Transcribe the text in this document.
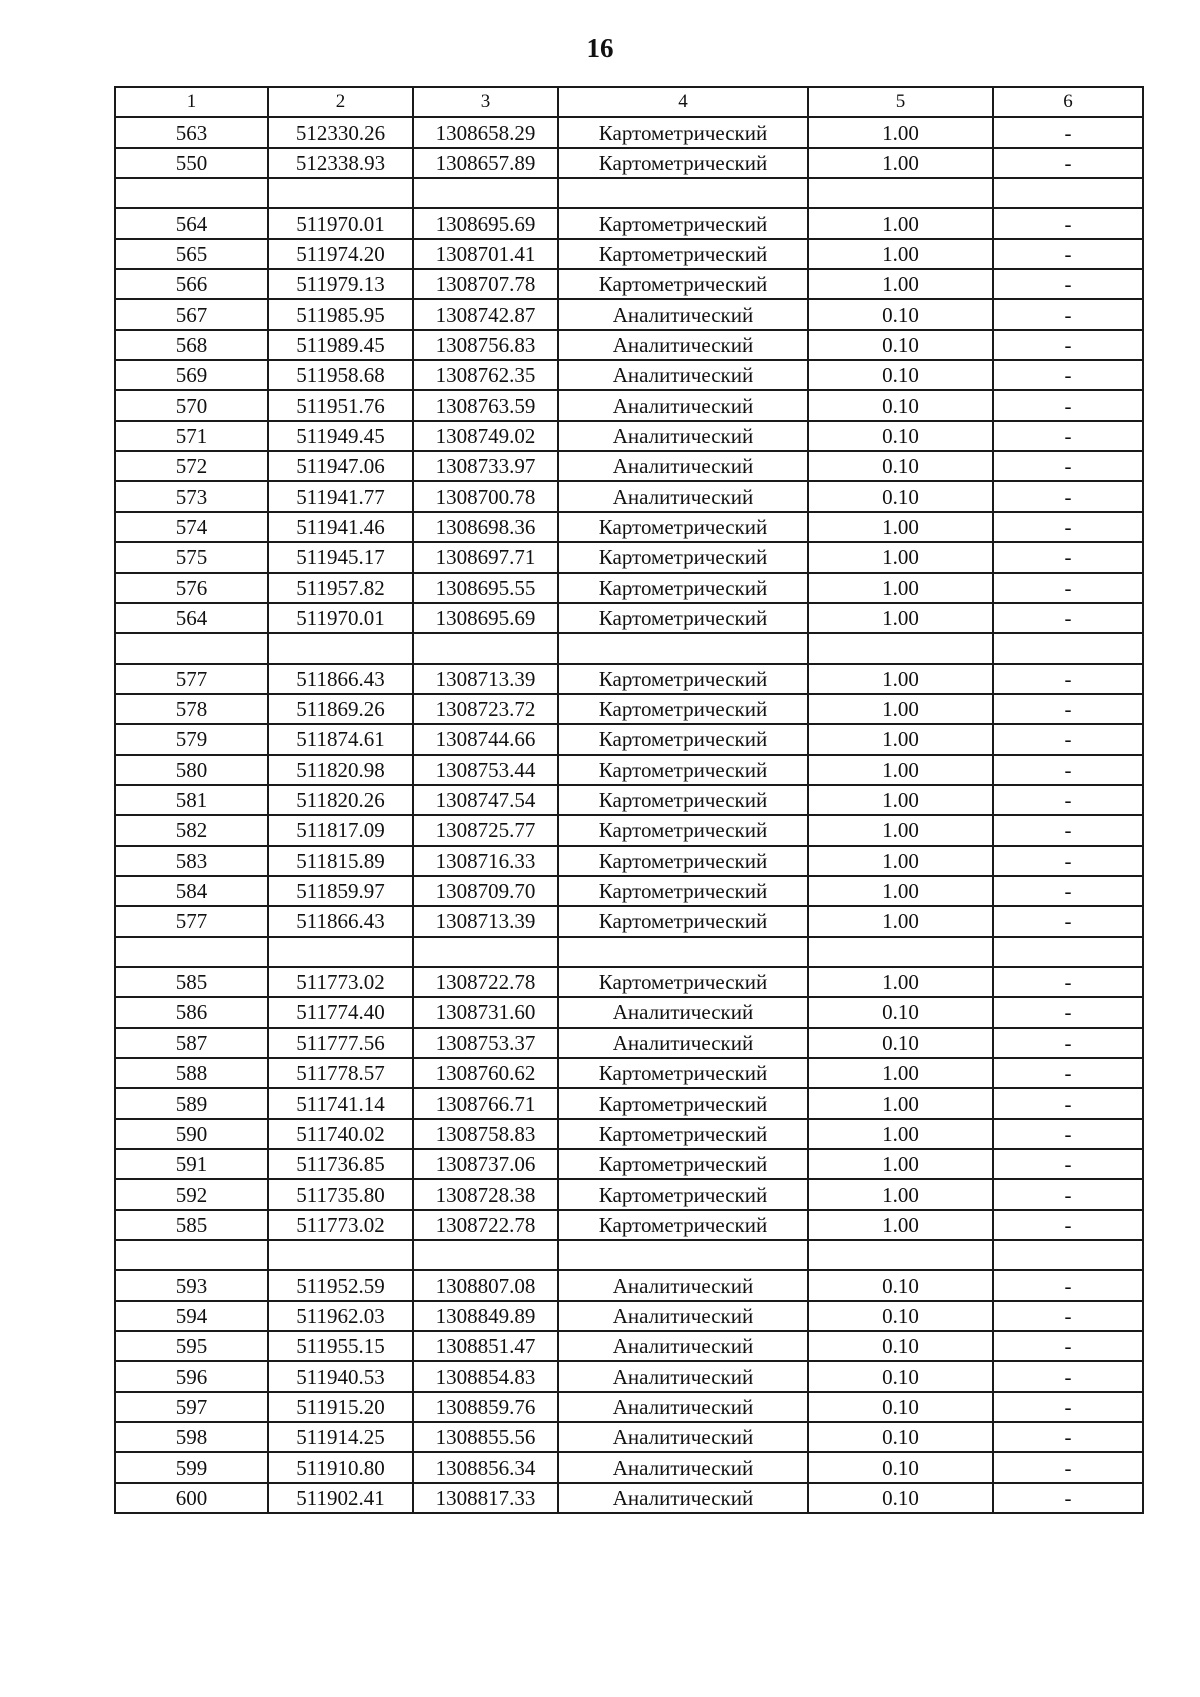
16
1	2	3	4	5	6
563	512330.26	1308658.29	Картометрический	1.00	-
550	512338.93	1308657.89	Картометрический	1.00	-

564	511970.01	1308695.69	Картометрический	1.00	-
565	511974.20	1308701.41	Картометрический	1.00	-
566	511979.13	1308707.78	Картометрический	1.00	-
567	511985.95	1308742.87	Аналитический	0.10	-
568	511989.45	1308756.83	Аналитический	0.10	-
569	511958.68	1308762.35	Аналитический	0.10	-
570	511951.76	1308763.59	Аналитический	0.10	-
571	511949.45	1308749.02	Аналитический	0.10	-
572	511947.06	1308733.97	Аналитический	0.10	-
573	511941.77	1308700.78	Аналитический	0.10	-
574	511941.46	1308698.36	Картометрический	1.00	-
575	511945.17	1308697.71	Картометрический	1.00	-
576	511957.82	1308695.55	Картометрический	1.00	-
564	511970.01	1308695.69	Картометрический	1.00	-

577	511866.43	1308713.39	Картометрический	1.00	-
578	511869.26	1308723.72	Картометрический	1.00	-
579	511874.61	1308744.66	Картометрический	1.00	-
580	511820.98	1308753.44	Картометрический	1.00	-
581	511820.26	1308747.54	Картометрический	1.00	-
582	511817.09	1308725.77	Картометрический	1.00	-
583	511815.89	1308716.33	Картометрический	1.00	-
584	511859.97	1308709.70	Картометрический	1.00	-
577	511866.43	1308713.39	Картометрический	1.00	-

585	511773.02	1308722.78	Картометрический	1.00	-
586	511774.40	1308731.60	Аналитический	0.10	-
587	511777.56	1308753.37	Аналитический	0.10	-
588	511778.57	1308760.62	Картометрический	1.00	-
589	511741.14	1308766.71	Картометрический	1.00	-
590	511740.02	1308758.83	Картометрический	1.00	-
591	511736.85	1308737.06	Картометрический	1.00	-
592	511735.80	1308728.38	Картометрический	1.00	-
585	511773.02	1308722.78	Картометрический	1.00	-

593	511952.59	1308807.08	Аналитический	0.10	-
594	511962.03	1308849.89	Аналитический	0.10	-
595	511955.15	1308851.47	Аналитический	0.10	-
596	511940.53	1308854.83	Аналитический	0.10	-
597	511915.20	1308859.76	Аналитический	0.10	-
598	511914.25	1308855.56	Аналитический	0.10	-
599	511910.80	1308856.34	Аналитический	0.10	-
600	511902.41	1308817.33	Аналитический	0.10	-
